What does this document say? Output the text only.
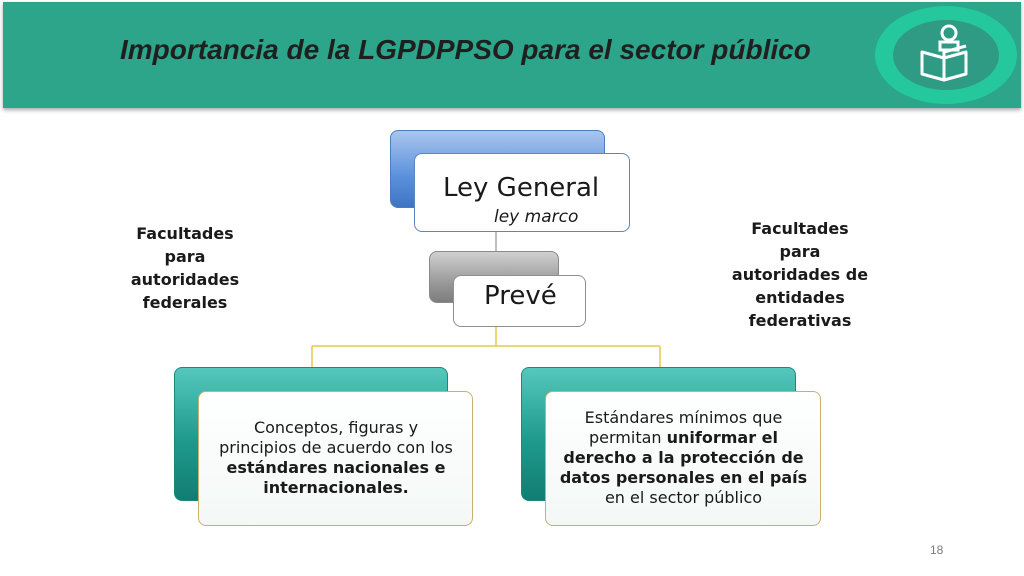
Importancia de la LGPDPPSO para el sector público
Facultades
para
autoridades
federales
Facultades
para
autoridades de
entidades
federativas
Ley General
ley marco
Prevé
Conceptos, figuras y
principios de acuerdo con los
estándares nacionales e
internacionales.
Estándares mínimos que
permitan uniformar el
derecho a la protección de
datos personales en el país
en el sector público
18
